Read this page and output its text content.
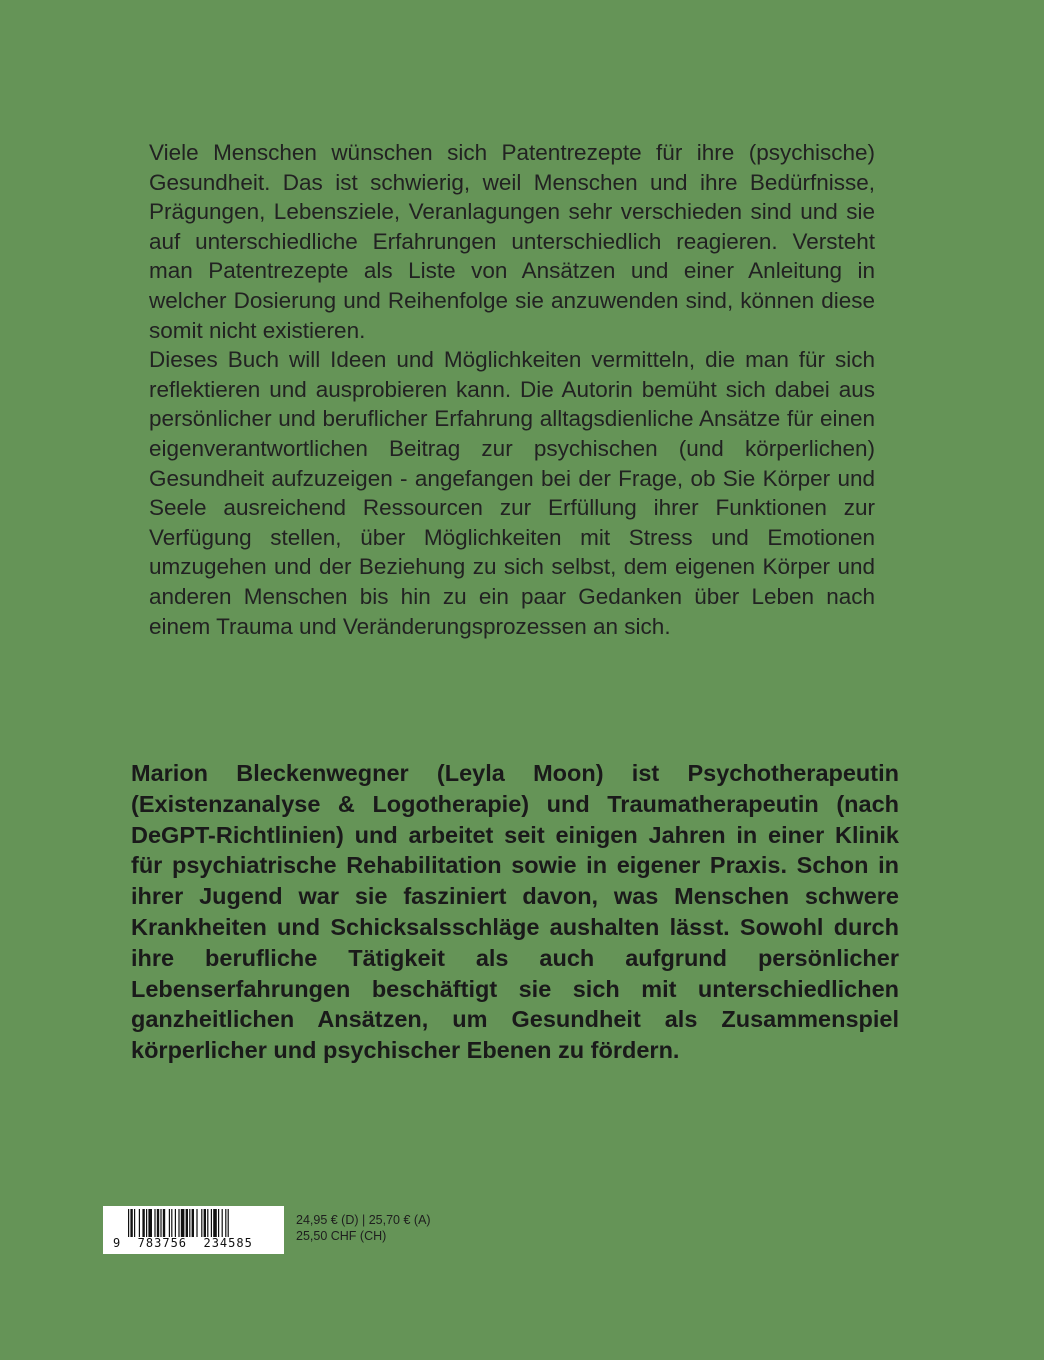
Viele Menschen wünschen sich Patentrezepte für ihre (psychische) Gesundheit. Das ist schwierig, weil Menschen und ihre Bedürfnisse, Prägungen, Lebensziele, Veranlagungen sehr verschieden sind und sie auf unterschiedliche Erfahrungen unterschiedlich reagieren. Versteht man Patentrezepte als Liste von Ansätzen und einer Anleitung in welcher Dosierung und Reihenfolge sie anzuwenden sind, können diese somit nicht existieren.

Dieses Buch will Ideen und Möglichkeiten vermitteln, die man für sich reflektieren und ausprobieren kann. Die Autorin bemüht sich dabei aus persönlicher und beruflicher Erfahrung alltagsdienliche Ansätze für einen eigenverantwortlichen Beitrag zur psychischen (und körperlichen) Gesundheit aufzuzeigen - angefangen bei der Frage, ob Sie Körper und Seele ausreichend Ressourcen zur Erfüllung ihrer Funktionen zur Verfügung stellen, über Möglichkeiten mit Stress und Emotionen umzugehen und der Beziehung zu sich selbst, dem eigenen Körper und anderen Menschen bis hin zu ein paar Gedanken über Leben nach einem Trauma und Veränderungsprozessen an sich.

Marion Bleckenwegner (Leyla Moon) ist Psychotherapeutin (Existenzanalyse & Logotherapie) und Traumatherapeutin (nach DeGPT-Richtlinien) und arbeitet seit einigen Jahren in einer Klinik für psychiatrische Rehabilitation sowie in eigener Praxis. Schon in ihrer Jugend war sie fasziniert davon, was Menschen schwere Krankheiten und Schicksalsschläge aushalten lässt. Sowohl durch ihre berufliche Tätigkeit als auch aufgrund persönlicher Lebenserfahrungen beschäftigt sie sich mit unterschiedlichen ganzheitlichen Ansätzen, um Gesundheit als Zusammenspiel körperlicher und psychischer Ebenen zu fördern.
9  783756  234585
24,95 € (D) | 25,70 € (A)
25,50 CHF (CH)
